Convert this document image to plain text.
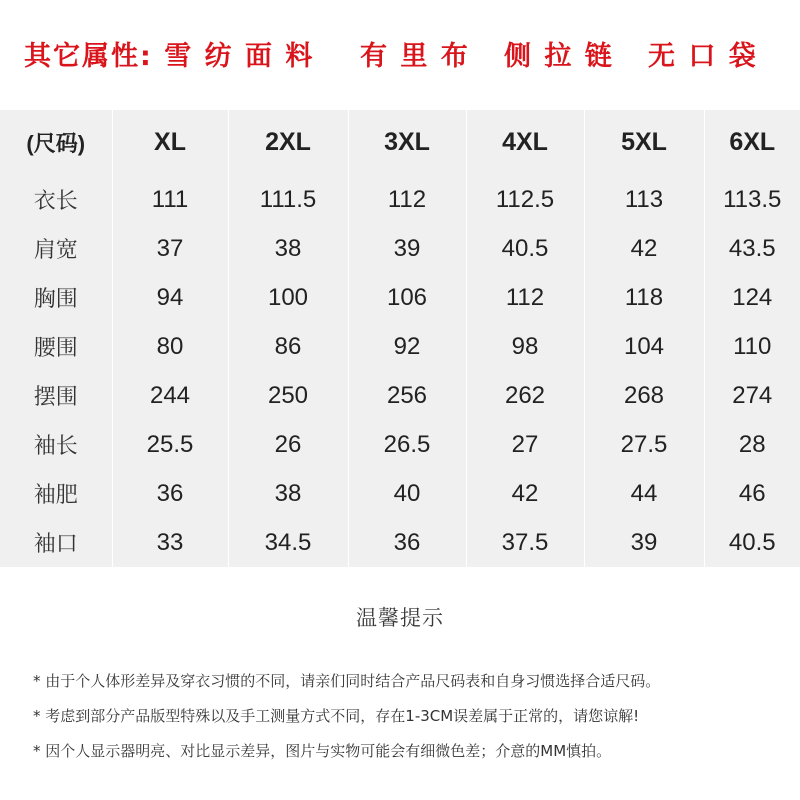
其它属性: 雪 纺 面 料    有 里 布   侧 拉 链   无 口 袋
(尺码)	XL	2XL	3XL	4XL	5XL	6XL
衣长	111	111.5	112	112.5	113	113.5
肩宽	37	38	39	40.5	42	43.5
胸围	94	100	106	112	118	124
腰围	80	86	92	98	104	110
摆围	244	250	256	262	268	274
袖长	25.5	26	26.5	27	27.5	28
袖肥	36	38	40	42	44	46
袖口	33	34.5	36	37.5	39	40.5
温馨提示
* 由于个人体形差异及穿衣习惯的不同，请亲们同时结合产品尺码表和自身习惯选择合适尺码。
* 考虑到部分产品版型特殊以及手工测量方式不同，存在1-3CM误差属于正常的，请您谅解!
* 因个人显示器明亮、对比显示差异，图片与实物可能会有细微色差；介意的MM慎拍。
